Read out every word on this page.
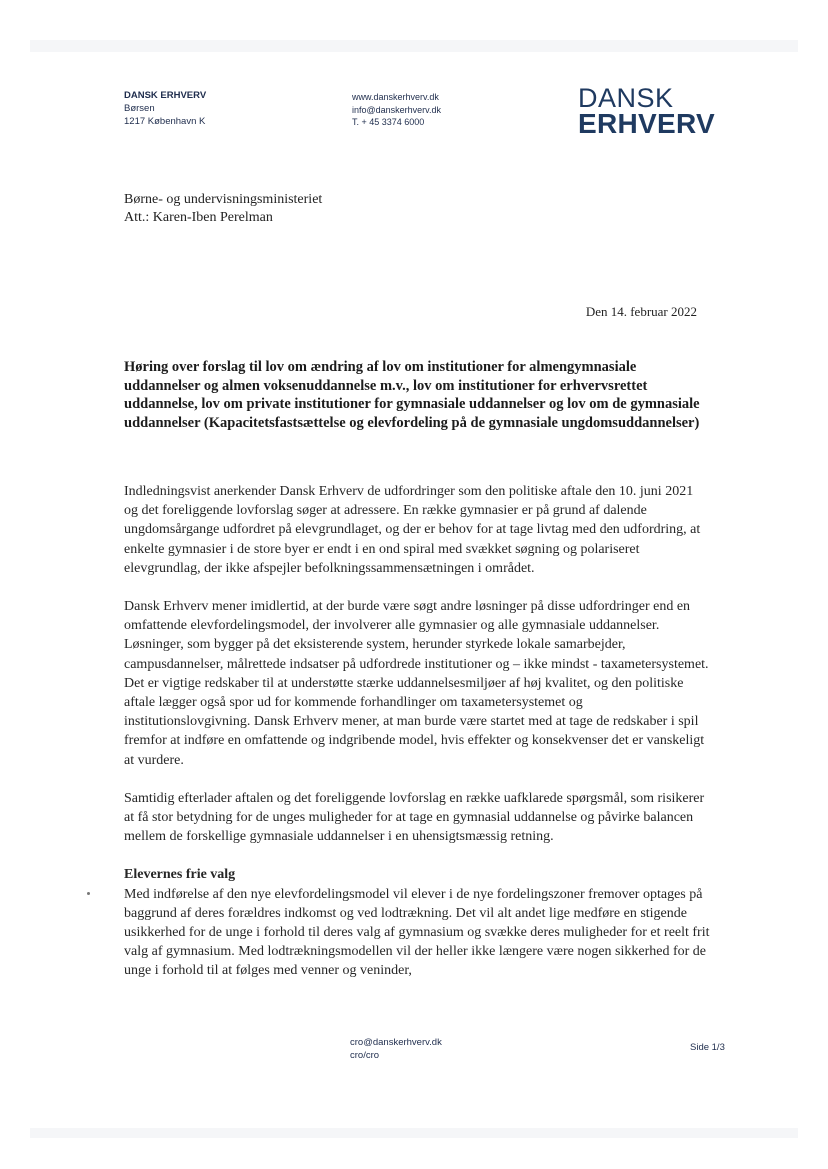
DANSK ERHVERV
Børsen
1217 København K
www.danskerhverv.dk
info@danskerhverv.dk
T. + 45 3374 6000
DANSK
ERHVERV
Børne- og undervisningsministeriet
Att.: Karen-Iben Perelman
Den 14. februar 2022
Høring over forslag til lov om ændring af lov om institutioner for almengymnasiale uddannelser og almen voksenuddannelse m.v., lov om institutioner for erhvervsrettet uddannelse, lov om private institutioner for gymnasiale uddannelser og lov om de gymnasiale uddannelser (Kapacitetsfastsættelse og elevfordeling på de gymnasiale ungdomsuddannelser)

Indledningsvist anerkender Dansk Erhverv de udfordringer som den politiske aftale den 10. juni 2021 og det foreliggende lovforslag søger at adressere. En række gymnasier er på grund af dalende ungdomsårgange udfordret på elevgrundlaget, og der er behov for at tage livtag med den udfordring, at enkelte gymnasier i de store byer er endt i en ond spiral med svækket søgning og polariseret elevgrundlag, der ikke afspejler befolkningssammensætningen i området.

Dansk Erhverv mener imidlertid, at der burde være søgt andre løsninger på disse udfordringer end en omfattende elevfordelingsmodel, der involverer alle gymnasier og alle gymnasiale uddannelser. Løsninger, som bygger på det eksisterende system, herunder styrkede lokale samarbejder, campusdannelser, målrettede indsatser på udfordrede institutioner og – ikke mindst - taxametersystemet. Det er vigtige redskaber til at understøtte stærke uddannelsesmiljøer af høj kvalitet, og den politiske aftale lægger også spor ud for kommende forhandlinger om taxametersystemet og institutionslovgivning. Dansk Erhverv mener, at man burde være startet med at tage de redskaber i spil fremfor at indføre en omfattende og indgribende model, hvis effekter og konsekvenser det er vanskeligt at vurdere.

Samtidig efterlader aftalen og det foreliggende lovforslag en række uafklarede spørgsmål, som risikerer at få stor betydning for de unges muligheder for at tage en gymnasial uddannelse og påvirke balancen mellem de forskellige gymnasiale uddannelser i en uhensigtsmæssig retning.

Elevernes frie valg
Med indførelse af den nye elevfordelingsmodel vil elever i de nye fordelingszoner fremover optages på baggrund af deres forældres indkomst og ved lodtrækning. Det vil alt andet lige medføre en stigende usikkerhed for de unge i forhold til deres valg af gymnasium og svække deres muligheder for et reelt frit valg af gymnasium. Med lodtrækningsmodellen vil der heller ikke længere være nogen sikkerhed for de unge i forhold til at følges med venner og veninder,
cro@danskerhverv.dk
cro/cro
Side 1/3
